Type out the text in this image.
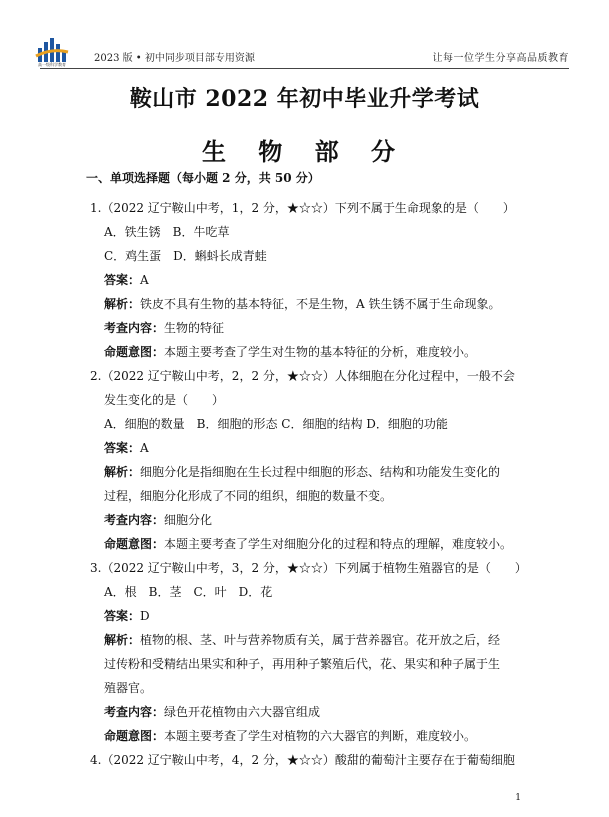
高一级科学教育
2023 版 • 初中同步项目部专用资源	让每一位学生分享高品质教育
鞍山市 2022 年初中毕业升学考试
生 物 部 分
一、单项选择题（每小题 2 分，共 50 分）
1.（2022 辽宁鞍山中考，1，2 分，★☆☆）下列不属于生命现象的是（　　）
A．铁生锈　B．牛吃草
C．鸡生蛋　D．蝌蚪长成青蛙
答案：A
解析：铁皮不具有生物的基本特征，不是生物，A 铁生锈不属于生命现象。
考查内容：生物的特征
命题意图：本题主要考查了学生对生物的基本特征的分析，难度较小。
2.（2022 辽宁鞍山中考，2，2 分，★☆☆）人体细胞在分化过程中，一般不会
发生变化的是（　　）
A．细胞的数量　B．细胞的形态 C．细胞的结构 D．细胞的功能
答案：A
解析：细胞分化是指细胞在生长过程中细胞的形态、结构和功能发生变化的
过程，细胞分化形成了不同的组织，细胞的数量不变。
考查内容：细胞分化
命题意图：本题主要考查了学生对细胞分化的过程和特点的理解，难度较小。
3.（2022 辽宁鞍山中考，3，2 分，★☆☆）下列属于植物生殖器官的是（　　）
A．根　B．茎　C．叶　D．花
答案：D
解析：植物的根、茎、叶与营养物质有关，属于营养器官。花开放之后，经
过传粉和受精结出果实和种子，再用种子繁殖后代，花、果实和种子属于生
殖器官。
考查内容：绿色开花植物由六大器官组成
命题意图：本题主要考查了学生对植物的六大器官的判断，难度较小。
4.（2022 辽宁鞍山中考，4，2 分，★☆☆）酸甜的葡萄汁主要存在于葡萄细胞
1
